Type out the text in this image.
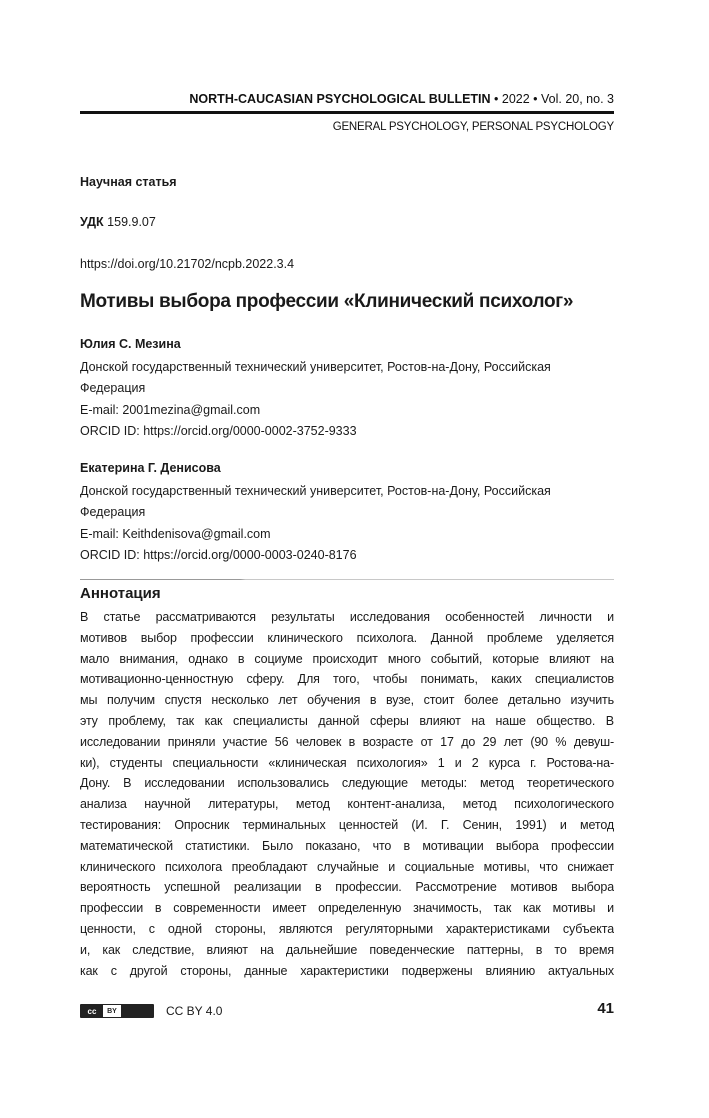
NORTH-CAUCASIAN PSYCHOLOGICAL BULLETIN • 2022 • Vol. 20, no. 3
GENERAL PSYCHOLOGY, PERSONAL PSYCHOLOGY
Научная статья
УДК 159.9.07
https://doi.org/10.21702/ncpb.2022.3.4
Мотивы выбора профессии «Клинический психолог»
Юлия С. Мезина
Донской государственный технический университет, Ростов-на-Дону, Российская
Федерация
E-mail: 2001mezina@gmail.com
ORCID ID: https://orcid.org/0000-0002-3752-9333
Екатерина Г. Денисова
Донской государственный технический университет, Ростов-на-Дону, Российская
Федерация
E-mail: Keithdenisova@gmail.com
ORCID ID: https://orcid.org/0000-0003-0240-8176
Аннотация
В статье рассматриваются результаты исследования особенностей личности и
мотивов выбор профессии клинического психолога. Данной проблеме уделяется
мало внимания, однако в социуме происходит много событий, которые влияют на
мотивационно-ценностную сферу. Для того, чтобы понимать, каких специалистов
мы получим спустя несколько лет обучения в вузе, стоит более детально изучить
эту проблему, так как специалисты данной сферы влияют на наше общество. В
исследовании приняли участие 56 человек в возрасте от 17 до 29 лет (90 % девуш-
ки), студенты специальности «клиническая психология» 1 и 2 курса г. Ростова-на-
Дону. В исследовании использовались следующие методы: метод теоретического
анализа научной литературы, метод контент-анализа, метод психологического
тестирования: Опросник терминальных ценностей (И. Г. Сенин, 1991) и метод
математической статистики. Было показано, что в мотивации выбора профессии
клинического психолога преобладают случайные и социальные мотивы, что снижает
вероятность успешной реализации в профессии. Рассмотрение мотивов выбора
профессии в современности имеет определенную значимость, так как мотивы и
ценности, с одной стороны, являются регуляторными характеристиками субъекта
и, как следствие, влияют на дальнейшие поведенческие паттерны, в то время
как с другой стороны, данные характеристики подвержены влиянию актуальных
cc	BY	CC BY 4.0	41
